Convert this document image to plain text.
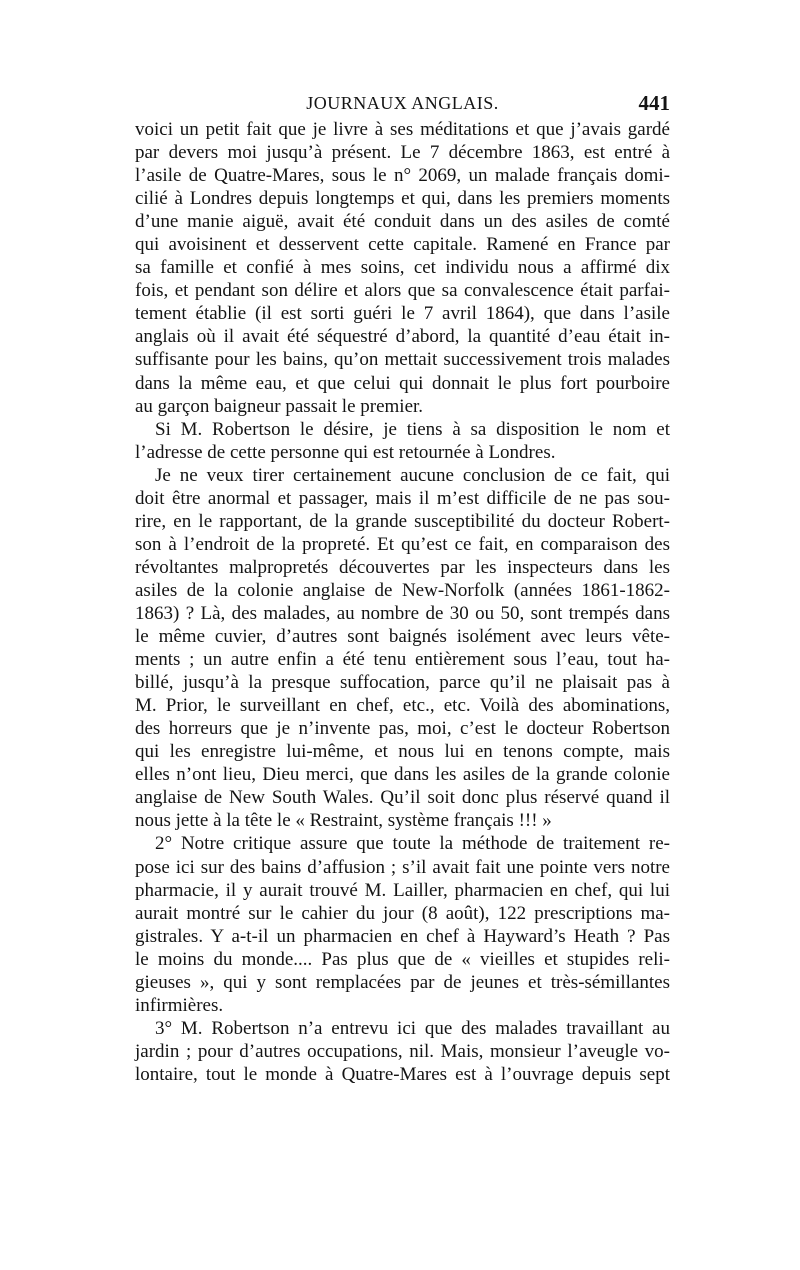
JOURNAUX ANGLAIS.	441
voici un petit fait que je livre à ses méditations et que j’avais gardé
par devers moi jusqu’à présent. Le 7 décembre 1863, est entré à
l’asile de Quatre-Mares, sous le n° 2069, un malade français domi-
cilié à Londres depuis longtemps et qui, dans les premiers moments
d’une manie aiguë, avait été conduit dans un des asiles de comté
qui avoisinent et desservent cette capitale. Ramené en France par
sa famille et confié à mes soins, cet individu nous a affirmé dix
fois, et pendant son délire et alors que sa convalescence était parfai-
tement établie (il est sorti guéri le 7 avril 1864), que dans l’asile
anglais où il avait été séquestré d’abord, la quantité d’eau était in-
suffisante pour les bains, qu’on mettait successivement trois malades
dans la même eau, et que celui qui donnait le plus fort pourboire
au garçon baigneur passait le premier.
Si M. Robertson le désire, je tiens à sa disposition le nom et
l’adresse de cette personne qui est retournée à Londres.
Je ne veux tirer certainement aucune conclusion de ce fait, qui
doit être anormal et passager, mais il m’est difficile de ne pas sou-
rire, en le rapportant, de la grande susceptibilité du docteur Robert-
son à l’endroit de la propreté. Et qu’est ce fait, en comparaison des
révoltantes malpropretés découvertes par les inspecteurs dans les
asiles de la colonie anglaise de New-Norfolk (années 1861-1862-
1863) ? Là, des malades, au nombre de 30 ou 50, sont trempés dans
le même cuvier, d’autres sont baignés isolément avec leurs vête-
ments ; un autre enfin a été tenu entièrement sous l’eau, tout ha-
billé, jusqu’à la presque suffocation, parce qu’il ne plaisait pas à
M. Prior, le surveillant en chef, etc., etc. Voilà des abominations,
des horreurs que je n’invente pas, moi, c’est le docteur Robertson
qui les enregistre lui-même, et nous lui en tenons compte, mais
elles n’ont lieu, Dieu merci, que dans les asiles de la grande colonie
anglaise de New South Wales. Qu’il soit donc plus réservé quand il
nous jette à la tête le « Restraint, système français !!! »
2° Notre critique assure que toute la méthode de traitement re-
pose ici sur des bains d’affusion ; s’il avait fait une pointe vers notre
pharmacie, il y aurait trouvé M. Lailler, pharmacien en chef, qui lui
aurait montré sur le cahier du jour (8 août), 122 prescriptions ma-
gistrales. Y a-t-il un pharmacien en chef à Hayward’s Heath ? Pas
le moins du monde.... Pas plus que de « vieilles et stupides reli-
gieuses », qui y sont remplacées par de jeunes et très-sémillantes
infirmières.
3° M. Robertson n’a entrevu ici que des malades travaillant au
jardin ; pour d’autres occupations, nil. Mais, monsieur l’aveugle vo-
lontaire, tout le monde à Quatre-Mares est à l’ouvrage depuis sept
